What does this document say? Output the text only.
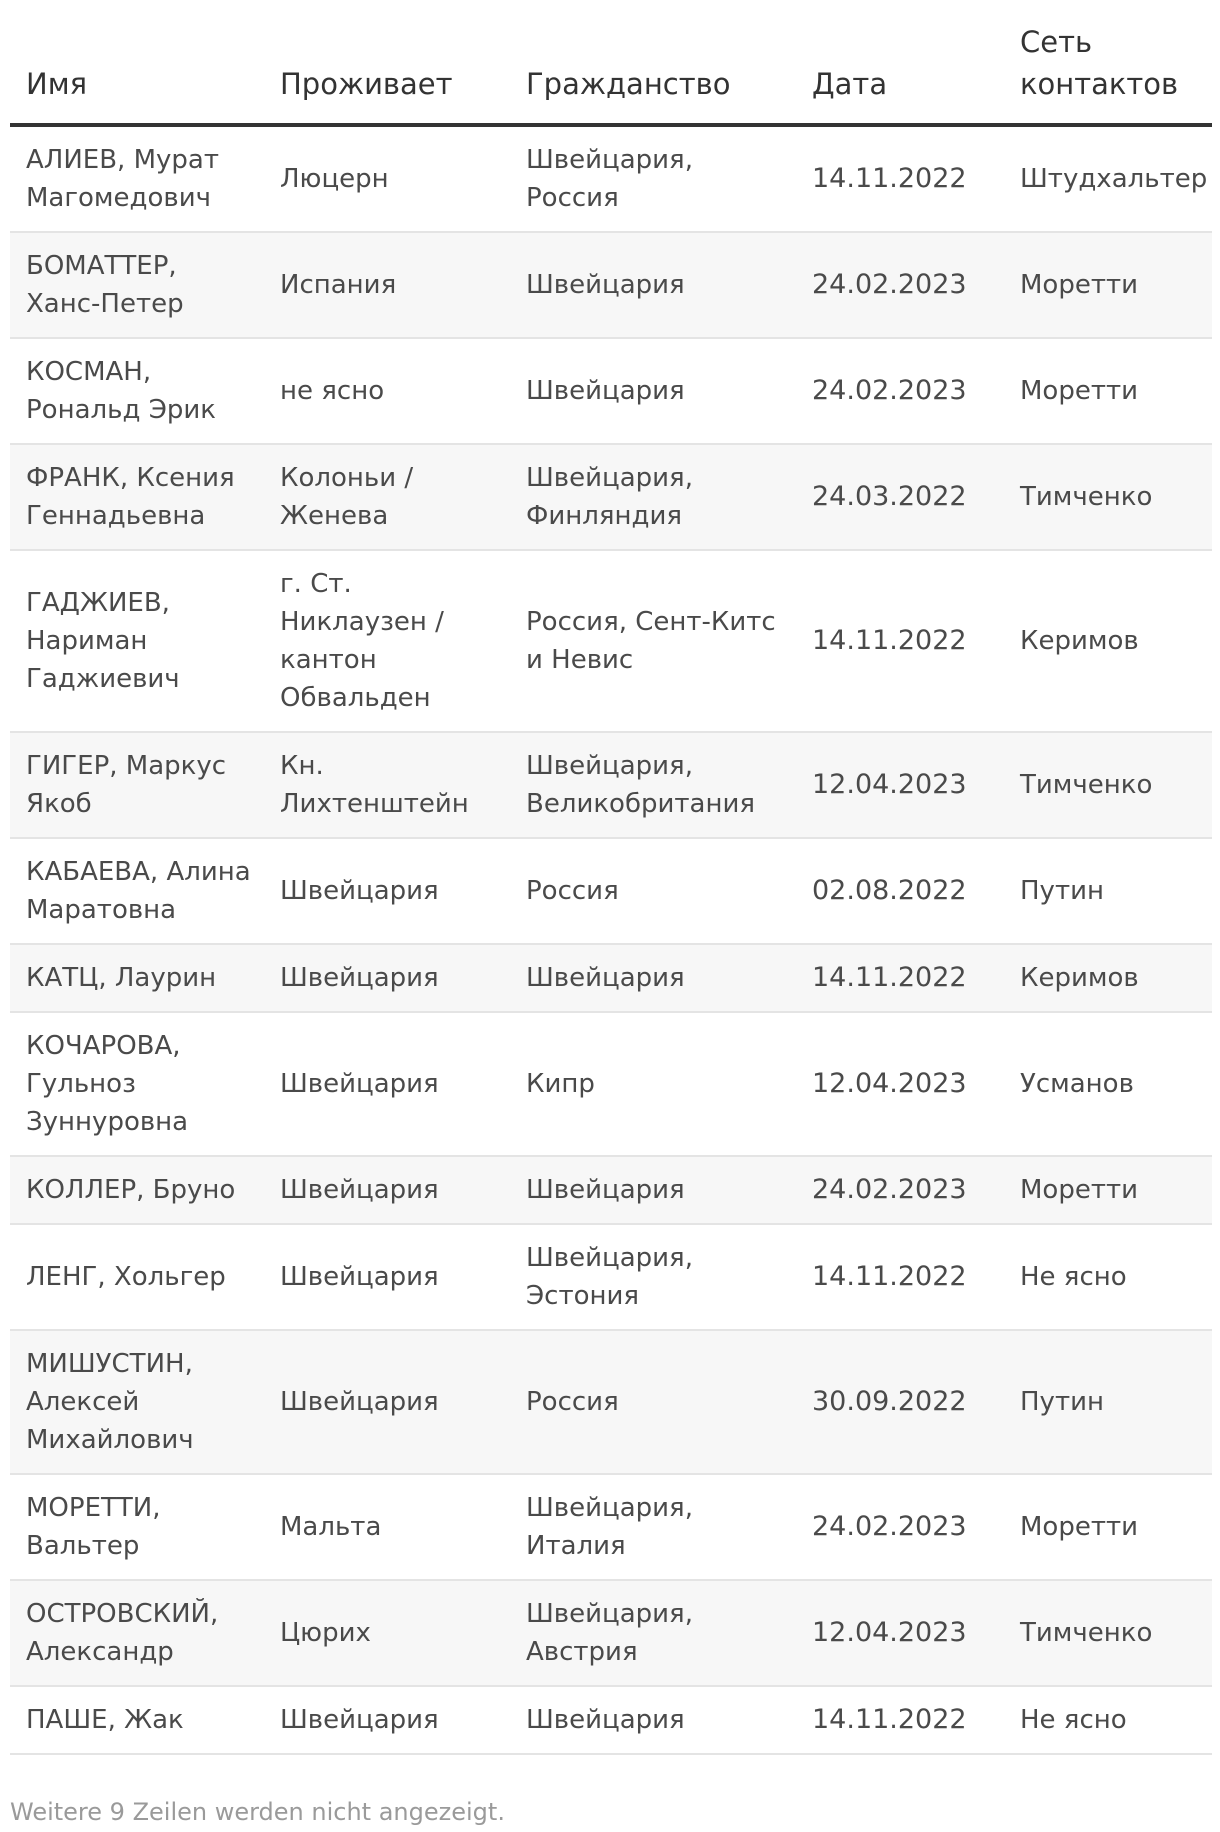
Имя	Проживает	Гражданство	Дата	Сеть контактов
АЛИЕВ, Мурат Магомедович	Люцерн	Швейцария, Россия	14.11.2022	Штудхальтер
БОМАТТЕР, Ханс-Петер	Испания	Швейцария	24.02.2023	Моретти
КОСМАН, Рональд Эрик	не ясно	Швейцария	24.02.2023	Моретти
ФРАНК, Ксения Геннадьевна	Колоньи / Женева	Швейцария, Финляндия	24.03.2022	Тимченко
ГАДЖИЕВ, Нариман Гаджиевич	г. Ст. Никлаузен / кантон Обвальден	Россия, Сент-Китс и Невис	14.11.2022	Керимов
ГИГЕР, Маркус Якоб	Кн. Лихтенштейн	Швейцария, Великобритания	12.04.2023	Тимченко
КАБАЕВА, Алина Маратовна	Швейцария	Россия	02.08.2022	Путин
КАТЦ, Лаурин	Швейцария	Швейцария	14.11.2022	Керимов
КОЧАРОВА, Гульноз Зуннуровна	Швейцария	Кипр	12.04.2023	Усманов
КОЛЛЕР, Бруно	Швейцария	Швейцария	24.02.2023	Моретти
ЛЕНГ, Хольгер	Швейцария	Швейцария, Эстония	14.11.2022	Не ясно
МИШУСТИН, Алексей Михайлович	Швейцария	Россия	30.09.2022	Путин
МОРЕТТИ, Вальтер	Мальта	Швейцария, Италия	24.02.2023	Моретти
ОСТРОВСКИЙ, Александр	Цюрих	Швейцария, Австрия	12.04.2023	Тимченко
ПАШЕ, Жак	Швейцария	Швейцария	14.11.2022	Не ясно
Weitere 9 Zeilen werden nicht angezeigt.
